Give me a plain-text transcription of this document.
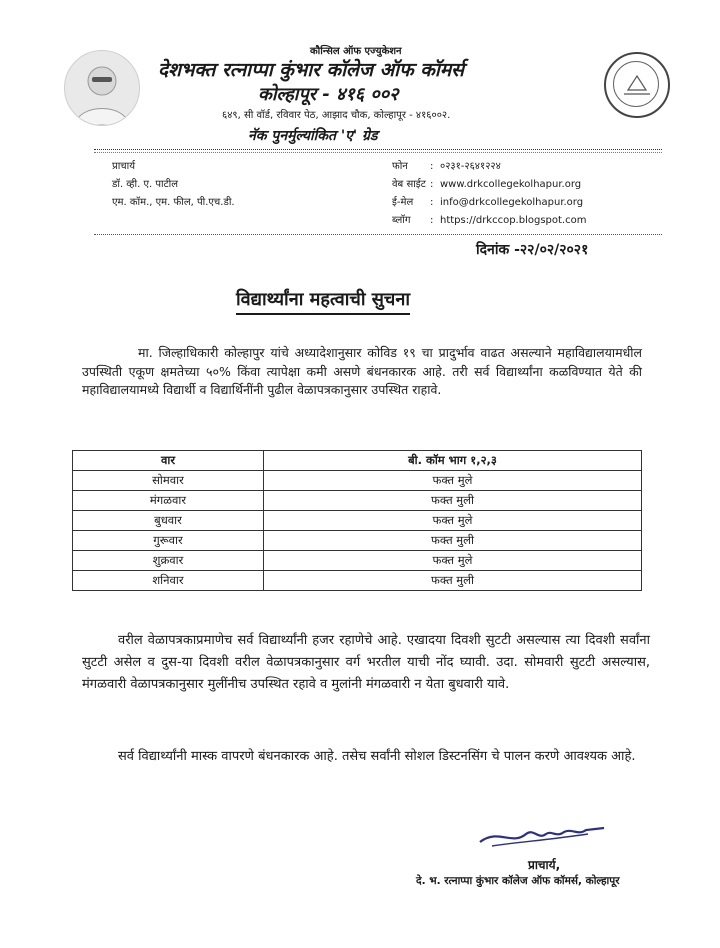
कौन्सिल ऑफ एज्युकेशन
देशभक्त रत्नाप्पा कुंभार कॉलेज ऑफ कॉमर्स
कोल्हापूर - ४१६ ००२
६४९, सी वॉर्ड, रविवार पेठ, आझाद चौक, कोल्हापूर - ४१६००२.
नॅक पुनर्मुल्यांकित 'ए' ग्रेड
प्राचार्य
डॉ. व्ही. ए. पाटील
एम. कॉम., एम. फील, पी.एच.डी.
फोन : ०२३१-२६४१२२४
वेब साईट : www.drkcollegekolhapur.org
ई-मेल : info@drkcollegekolhapur.org
ब्लॉग : https://drkccop.blogspot.com
दिनांक -२२/०२/२०२१
विद्यार्थ्यांना महत्वाची सुचना
मा. जिल्हाधिकारी कोल्हापुर यांचे अध्यादेशानुसार कोविड १९ चा प्रादुर्भाव वाढत असल्याने महाविद्यालयामधील उपस्थिती एकूण क्षमतेच्या ५०% किंवा त्यापेक्षा कमी असणे बंधनकारक आहे. तरी सर्व विद्यार्थ्यांना कळविण्यात येते की महाविद्यालयामध्ये विद्यार्थी व विद्यार्थिनींनी पुढील वेळापत्रकानुसार उपस्थित राहावे.
वार	बी. कॉम भाग १,२,३
सोमवार	फक्त मुले
मंगळवार	फक्त मुली
बुधवार	फक्त मुले
गुरूवार	फक्त मुली
शुक्रवार	फक्त मुले
शनिवार	फक्त मुली
वरील वेळापत्रकाप्रमाणेच सर्व विद्यार्थ्यांनी हजर रहाणेचे आहे. एखादया दिवशी सुटटी असल्यास त्या दिवशी सर्वांना सुटटी असेल व दुस-या दिवशी वरील वेळापत्रकानुसार वर्ग भरतील याची नोंद घ्यावी. उदा. सोमवारी सुटटी असल्यास, मंगळवारी वेळापत्रकानुसार मुलींनीच उपस्थित रहावे व मुलांनी मंगळवारी न येता बुधवारी यावे.
सर्व विद्यार्थ्यांनी मास्क वापरणे बंधनकारक आहे. तसेच सर्वांनी सोशल डिस्टनसिंग चे पालन करणे आवश्यक आहे.
प्राचार्य,
दे. भ. रत्नाप्पा कुंभार कॉलेज ऑफ कॉमर्स, कोल्हापूर
